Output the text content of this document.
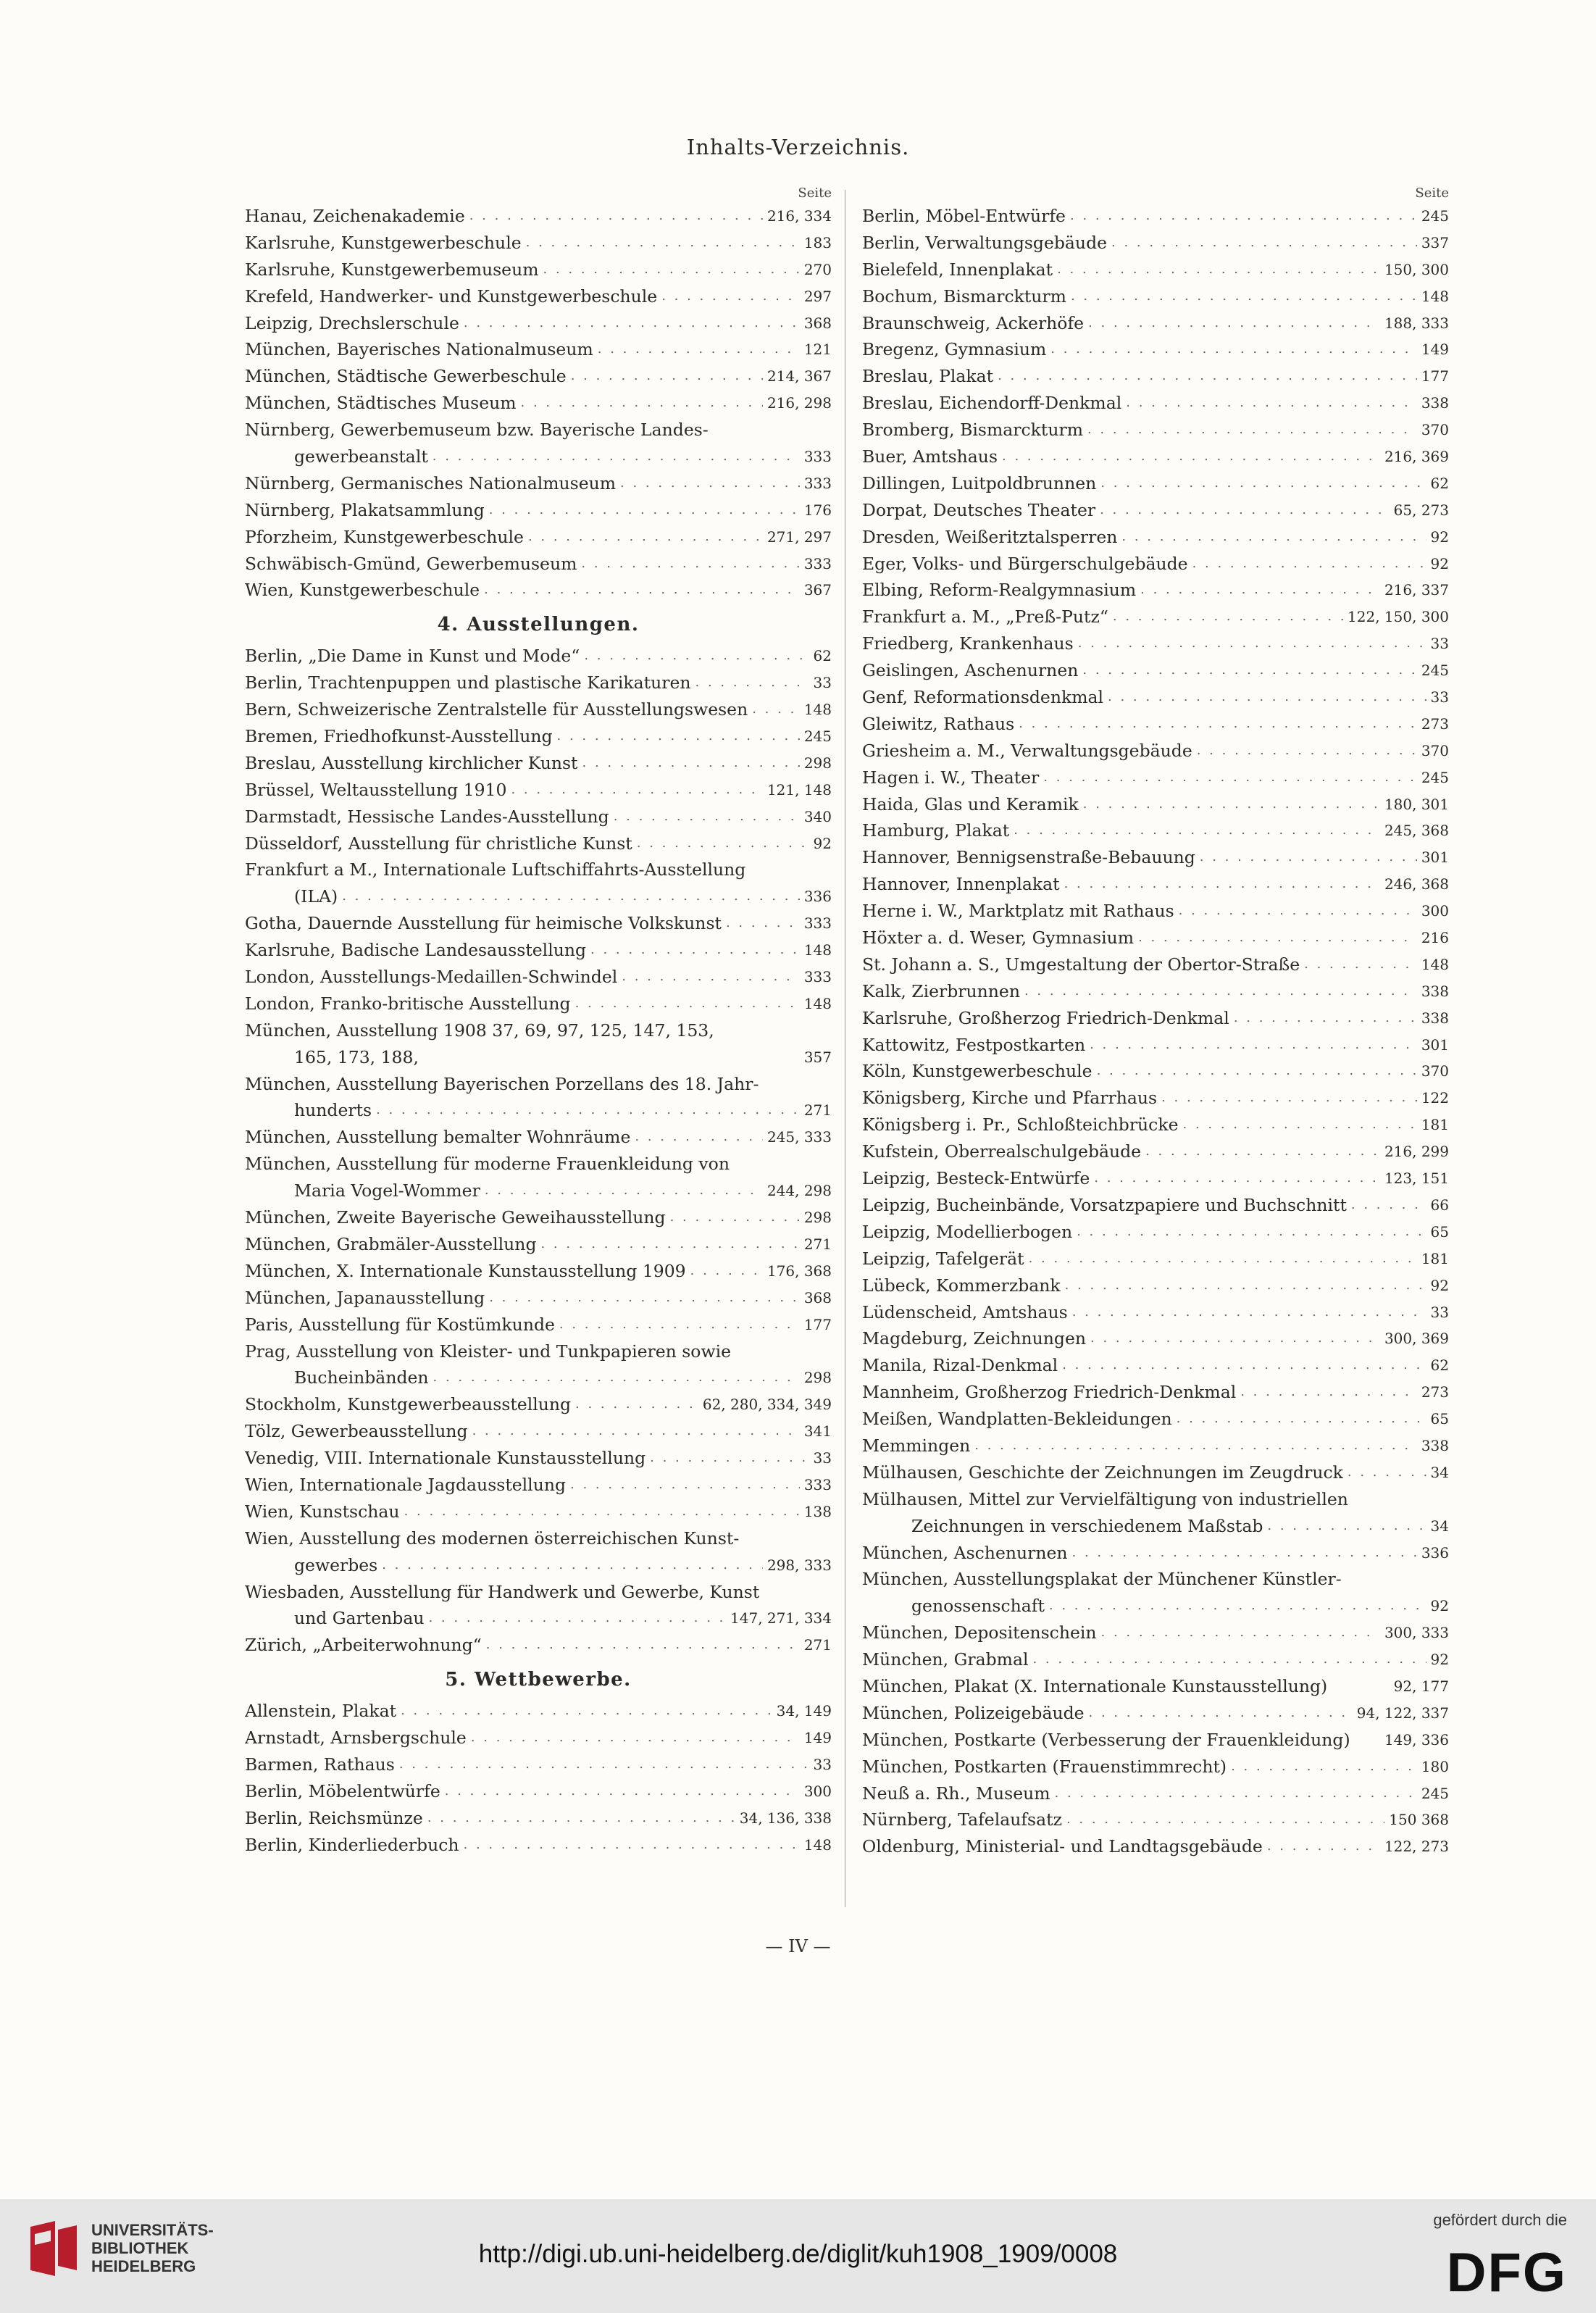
Inhalts-Verzeichnis.
Seite
Hanau, Zeichenakademie . . .	216, 334
Karlsruhe, Kunstgewerbeschule . . .	183
Karlsruhe, Kunstgewerbemuseum . . .	270
Krefeld, Handwerker- und Kunstgewerbeschule . . .	297
Leipzig, Drechslerschule . . .	368
München, Bayerisches Nationalmuseum . . .	121
München, Städtische Gewerbeschule . . .	214, 367
München, Städtisches Museum . . .	216, 298
Nürnberg, Gewerbemuseum bzw. Bayerische Landes-
gewerbeanstalt . . .	333
Nürnberg, Germanisches Nationalmuseum . . .	333
Nürnberg, Plakatsammlung . . .	176
Pforzheim, Kunstgewerbeschule . . .	271, 297
Schwäbisch-Gmünd, Gewerbemuseum . . .	333
Wien, Kunstgewerbeschule . . .	367
4. Ausstellungen.
Berlin, „Die Dame in Kunst und Mode“ . . .	62
Berlin, Trachtenpuppen und plastische Karikaturen . . .	33
Bern, Schweizerische Zentralstelle für Ausstellungswesen . . .	148
Bremen, Friedhofkunst-Ausstellung . . .	245
Breslau, Ausstellung kirchlicher Kunst . . .	298
Brüssel, Weltausstellung 1910 . . .	121, 148
Darmstadt, Hessische Landes-Ausstellung . . .	340
Düsseldorf, Ausstellung für christliche Kunst . . .	92
Frankfurt a M., Internationale Luftschiffahrts-Ausstellung
(ILA) . . .	336
Gotha, Dauernde Ausstellung für heimische Volkskunst . . .	333
Karlsruhe, Badische Landesausstellung . . .	148
London, Ausstellungs-Medaillen-Schwindel . . .	333
London, Franko-britische Ausstellung . . .	148
München, Ausstellung 1908 37, 69, 97, 125, 147, 153,
165, 173, 188,	357
München, Ausstellung Bayerischen Porzellans des 18. Jahr-
hunderts . . .	271
München, Ausstellung bemalter Wohnräume . . .	245, 333
München, Ausstellung für moderne Frauenkleidung von
Maria Vogel-Wommer . . .	244, 298
München, Zweite Bayerische Geweihausstellung . . .	298
München, Grabmäler-Ausstellung . . .	271
München, X. Internationale Kunstausstellung 1909 . . .	176, 368
München, Japanausstellung . . .	368
Paris, Ausstellung für Kostümkunde . . .	177
Prag, Ausstellung von Kleister- und Tunkpapieren sowie
Bucheinbänden . . .	298
Stockholm, Kunstgewerbeausstellung . . .	62, 280, 334, 349
Tölz, Gewerbeausstellung . . .	341
Venedig, VIII. Internationale Kunstausstellung . . .	33
Wien, Internationale Jagdausstellung . . .	333
Wien, Kunstschau . . .	138
Wien, Ausstellung des modernen österreichischen Kunst-
gewerbes . . .	298, 333
Wiesbaden, Ausstellung für Handwerk und Gewerbe, Kunst
und Gartenbau . . .	147, 271, 334
Zürich, „Arbeiterwohnung“ . . .	271
5. Wettbewerbe.
Allenstein, Plakat . . .	34, 149
Arnstadt, Arnsbergschule . . .	149
Barmen, Rathaus . . .	33
Berlin, Möbelentwürfe . . .	300
Berlin, Reichsmünze . . .	34, 136, 338
Berlin, Kinderliederbuch . . .	148
Seite
Berlin, Möbel-Entwürfe . . .	245
Berlin, Verwaltungsgebäude . . .	337
Bielefeld, Innenplakat . . .	150, 300
Bochum, Bismarckturm . . .	148
Braunschweig, Ackerhöfe . . .	188, 333
Bregenz, Gymnasium . . .	149
Breslau, Plakat . . .	177
Breslau, Eichendorff-Denkmal . . .	338
Bromberg, Bismarckturm . . .	370
Buer, Amtshaus . . .	216, 369
Dillingen, Luitpoldbrunnen . . .	62
Dorpat, Deutsches Theater . . .	65, 273
Dresden, Weißeritztalsperren . . .	92
Eger, Volks- und Bürgerschulgebäude . . .	92
Elbing, Reform-Realgymnasium . . .	216, 337
Frankfurt a. M., „Preß-Putz“ . . .	122, 150, 300
Friedberg, Krankenhaus . . .	33
Geislingen, Aschenurnen . . .	245
Genf, Reformationsdenkmal . . .	33
Gleiwitz, Rathaus . . .	273
Griesheim a. M., Verwaltungsgebäude . . .	370
Hagen i. W., Theater . . .	245
Haida, Glas und Keramik . . .	180, 301
Hamburg, Plakat . . .	245, 368
Hannover, Bennigsenstraße-Bebauung . . .	301
Hannover, Innenplakat . . .	246, 368
Herne i. W., Marktplatz mit Rathaus . . .	300
Höxter a. d. Weser, Gymnasium . . .	216
St. Johann a. S., Umgestaltung der Obertor-Straße . . .	148
Kalk, Zierbrunnen . . .	338
Karlsruhe, Großherzog Friedrich-Denkmal . . .	338
Kattowitz, Festpostkarten . . .	301
Köln, Kunstgewerbeschule . . .	370
Königsberg, Kirche und Pfarrhaus . . .	122
Königsberg i. Pr., Schloßteichbrücke . . .	181
Kufstein, Oberrealschulgebäude . . .	216, 299
Leipzig, Besteck-Entwürfe . . .	123, 151
Leipzig, Bucheinbände, Vorsatzpapiere und Buchschnitt . . .	66
Leipzig, Modellierbogen . . .	65
Leipzig, Tafelgerät . . .	181
Lübeck, Kommerzbank . . .	92
Lüdenscheid, Amtshaus . . .	33
Magdeburg, Zeichnungen . . .	300, 369
Manila, Rizal-Denkmal . . .	62
Mannheim, Großherzog Friedrich-Denkmal . . .	273
Meißen, Wandplatten-Bekleidungen . . .	65
Memmingen . . .	338
Mülhausen, Geschichte der Zeichnungen im Zeugdruck . . .	34
Mülhausen, Mittel zur Vervielfältigung von industriellen
Zeichnungen in verschiedenem Maßstab . . .	34
München, Aschenurnen . . .	336
München, Ausstellungsplakat der Münchener Künstler-
genossenschaft . . .	92
München, Depositenschein . . .	300, 333
München, Grabmal . . .	92
München, Plakat (X. Internationale Kunstausstellung)	92, 177
München, Polizeigebäude . . .	94, 122, 337
München, Postkarte (Verbesserung der Frauenkleidung) 149, 336
München, Postkarten (Frauenstimmrecht) . . .	180
Neuß a. Rh., Museum . . .	245
Nürnberg, Tafelaufsatz . . .	150 368
Oldenburg, Ministerial- und Landtagsgebäude . . .	122, 273
— IV —
UNIVERSITÄTS-
BIBLIOTHEK
HEIDELBERG	http://digi.ub.uni-heidelberg.de/diglit/kuh1908_1909/0008
gefördert durch die
DFG
